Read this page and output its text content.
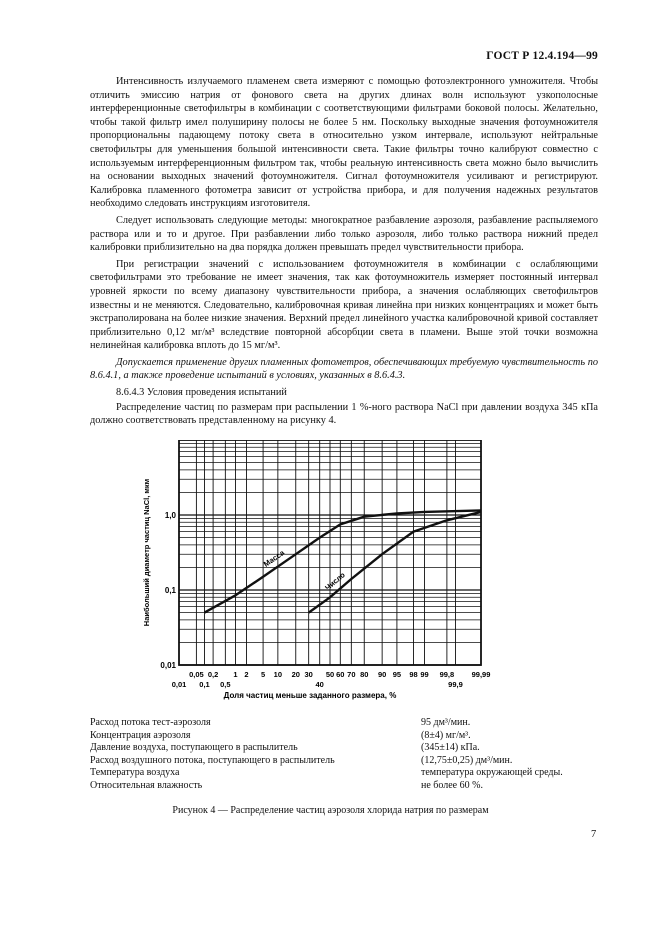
ГОСТ Р 12.4.194—99

Интенсивность излучаемого пламенем света измеряют с помощью фотоэлектронного умножителя. Чтобы отличить эмиссию натрия от фонового света на других длинах волн используют узкополосные интерференционные светофильтры в комбинации с соответствующими фильтрами боковой полосы. Желательно, чтобы такой фильтр имел полуширину полосы не более 5 нм. Поскольку выходные значения фотоумножителя пропорциональны падающему потоку света в относительно узком интервале, используют нейтральные светофильтры для уменьшения большой интенсивности света. Такие фильтры точно калибруют совместно с используемым интерференционным фильтром так, чтобы реальную интенсивность света можно было вычислить на основании выходных значений фотоумножителя. Сигнал фотоумножителя усиливают и регистрируют. Калибровка пламенного фотометра зависит от устройства прибора, и для получения надежных результатов необходимо следовать инструкциям изготовителя.

Следует использовать следующие методы: многократное разбавление аэрозоля, разбавление распыляемого раствора или и то и другое. При разбавлении либо только аэрозоля, либо только раствора нижний предел калибровки приблизительно на два порядка должен превышать предел чувствительности прибора.

При регистрации значений с использованием фотоумножителя в комбинации с ослабляющими светофильтрами это требование не имеет значения, так как фотоумножитель измеряет постоянный интервал уровней яркости по всему диапазону чувствительности прибора, а значения ослабляющих светофильтров известны и не меняются. Следовательно, калибровочная кривая линейна при низких концентрациях и может быть экстраполирована на более низкие значения. Верхний предел линейного участка калибровочной кривой составляет приблизительно 0,12 мг/м³ вследствие повторной абсорбции света в пламени. Выше этой точки возможна нелинейная калибровка вплоть до 15 мг/м³.

Допускается применение других пламенных фотометров, обеспечивающих требуемую чувствительность по 8.6.4.1, а также проведение испытаний в условиях, указанных в 8.6.4.3.

8.6.4.3 Условия проведения испытаний

Распределение частиц по размерам при распылении 1 %-ного раствора NaCl при давлении воздуха 345 кПа должно соответствовать представленному на рисунку 4.

Масса
Число
0,01
0,1
1,0
0,05 0,2 1 2 5 10 20 30 50 60 70 80 90 95 98 99 99,8 99,99
0,01 0,1 0,5	40	99,9
Наибольший диаметр частиц NaCl, мкм
Доля частиц меньше заданного размера, %
Расход потока тест-аэрозоля	95 дм³/мин.
Концентрация аэрозоля	(8±4) мг/м³.
Давление воздуха, поступающего в распылитель	(345±14) кПа.
Расход воздушного потока, поступающего в распылитель	(12,75±0,25) дм³/мин.
Температура воздуха	температура окружающей среды.
Относительная влажность	не более 60 %.
Рисунок 4 — Распределение частиц аэрозоля хлорида натрия по размерам
7
